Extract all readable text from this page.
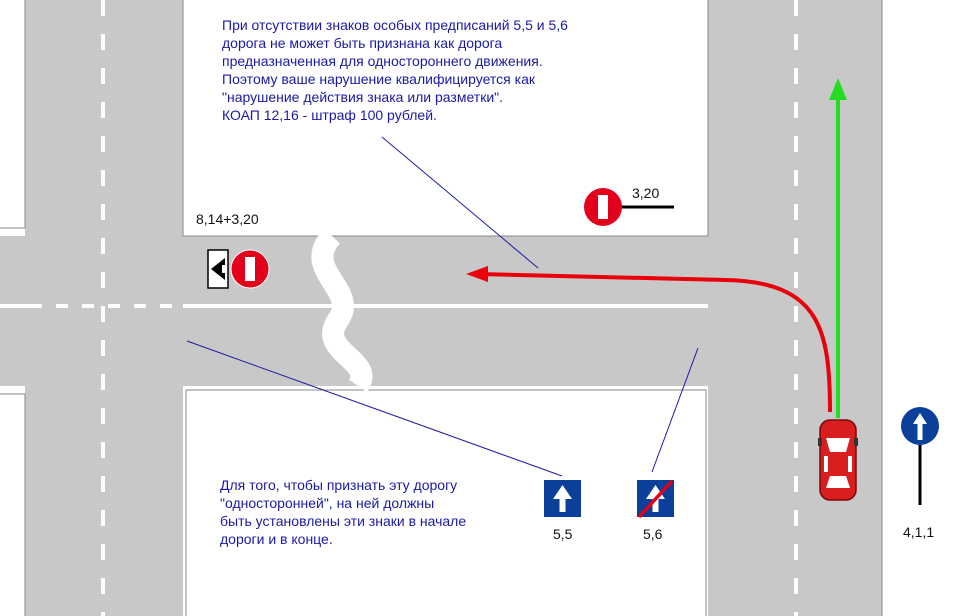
При отсутствии знаков особых предписаний 5,5 и 5,6
дорога не может быть признана как дорога
предназначенная для одностороннего движения.
Поэтому ваше нарушение квалифицируется как
"нарушение действия знака или разметки".
КОАП 12,16 - штраф 100 рублей.
Для того, чтобы признать эту дорогу
"односторонней", на ней должны
быть установлены эти знаки в начале
дороги и в конце.
8,14+3,20
3,20
5,5	5,6	4,1,1
